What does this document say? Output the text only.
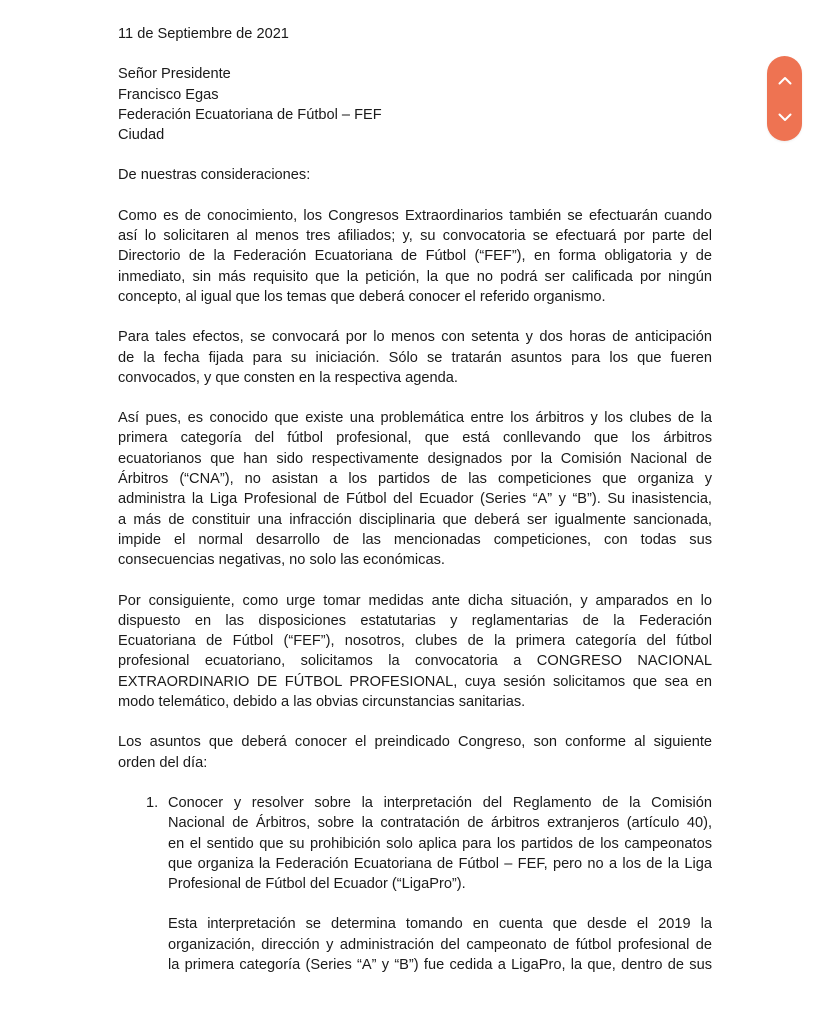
11 de Septiembre de 2021
Señor Presidente
Francisco Egas
Federación Ecuatoriana de Fútbol – FEF
Ciudad
De nuestras consideraciones:
Como es de conocimiento, los Congresos Extraordinarios también se efectuarán cuando
así lo solicitaren al menos tres afiliados; y, su convocatoria se efectuará por parte del
Directorio de la Federación Ecuatoriana de Fútbol (“FEF”), en forma obligatoria y de
inmediato, sin más requisito que la petición, la que no podrá ser calificada por ningún
concepto, al igual que los temas que deberá conocer el referido organismo.
Para tales efectos, se convocará por lo menos con setenta y dos horas de anticipación
de la fecha fijada para su iniciación. Sólo se tratarán asuntos para los que fueren
convocados, y que consten en la respectiva agenda.
Así pues, es conocido que existe una problemática entre los árbitros y los clubes de la
primera categoría del fútbol profesional, que está conllevando que los árbitros
ecuatorianos que han sido respectivamente designados por la Comisión Nacional de
Árbitros (“CNA”), no asistan a los partidos de las competiciones que organiza y
administra la Liga Profesional de Fútbol del Ecuador (Series “A” y “B”). Su inasistencia,
a más de constituir una infracción disciplinaria que deberá ser igualmente sancionada,
impide el normal desarrollo de las mencionadas competiciones, con todas sus
consecuencias negativas, no solo las económicas.
Por consiguiente, como urge tomar medidas ante dicha situación, y amparados en lo
dispuesto en las disposiciones estatutarias y reglamentarias de la Federación
Ecuatoriana de Fútbol (“FEF”), nosotros, clubes de la primera categoría del fútbol
profesional ecuatoriano, solicitamos la convocatoria a CONGRESO NACIONAL
EXTRAORDINARIO DE FÚTBOL PROFESIONAL, cuya sesión solicitamos que sea en
modo telemático, debido a las obvias circunstancias sanitarias.
Los asuntos que deberá conocer el preindicado Congreso, son conforme al siguiente
orden del día:
1. Conocer y resolver sobre la interpretación del Reglamento de la Comisión
Nacional de Árbitros, sobre la contratación de árbitros extranjeros (artículo 40),
en el sentido que su prohibición solo aplica para los partidos de los campeonatos
que organiza la Federación Ecuatoriana de Fútbol – FEF, pero no a los de la Liga
Profesional de Fútbol del Ecuador (“LigaPro”).
Esta interpretación se determina tomando en cuenta que desde el 2019 la
organización, dirección y administración del campeonato de fútbol profesional de
la primera categoría (Series “A” y “B”) fue cedida a LigaPro, la que, dentro de sus
